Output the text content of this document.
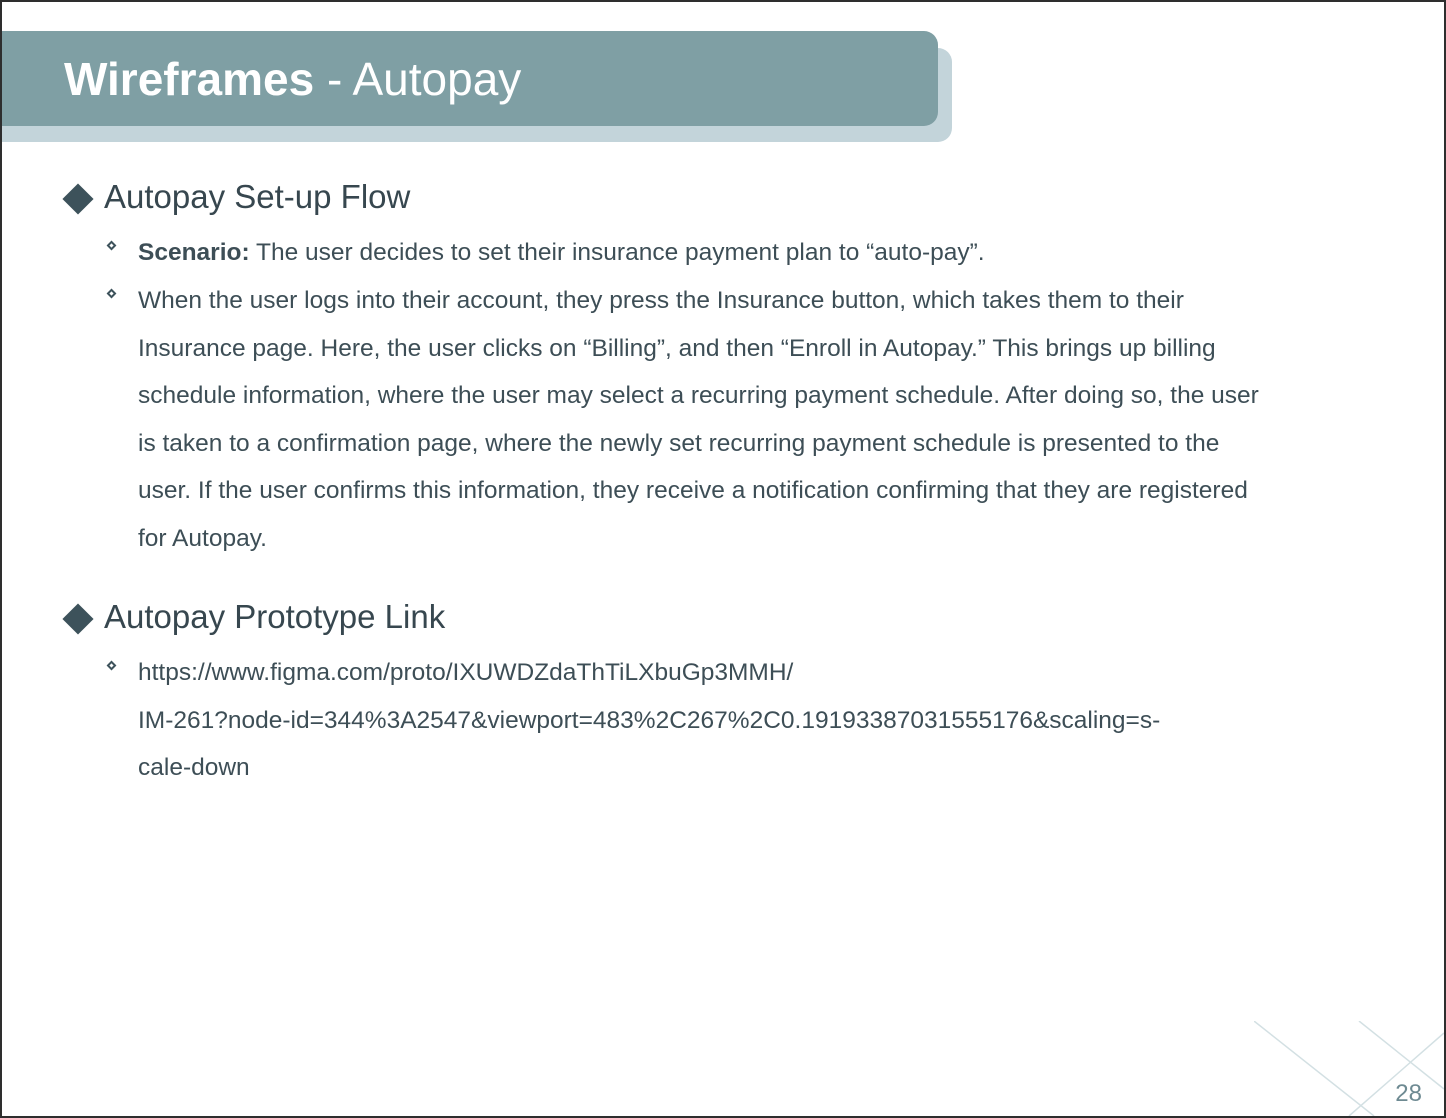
Wireframes - Autopay
Autopay Set-up Flow
Scenario: The user decides to set their insurance payment plan to “auto-pay”.
When the user logs into their account, they press the Insurance button, which takes them to their Insurance page. Here, the user clicks on “Billing”, and then “Enroll in Autopay.” This brings up billing schedule information, where the user may select a recurring payment schedule. After doing so, the user is taken to a confirmation page, where the newly set recurring payment schedule is presented to the user. If the user confirms this information, they receive a notification confirming that they are registered for Autopay.
Autopay Prototype Link
https://www.figma.com/proto/IXUWDZdaThTiLXbuGp3MMH/
IM-261?node-id=344%3A2547&viewport=483%2C267%2C0.19193387031555176&scaling=s-
cale-down
28
